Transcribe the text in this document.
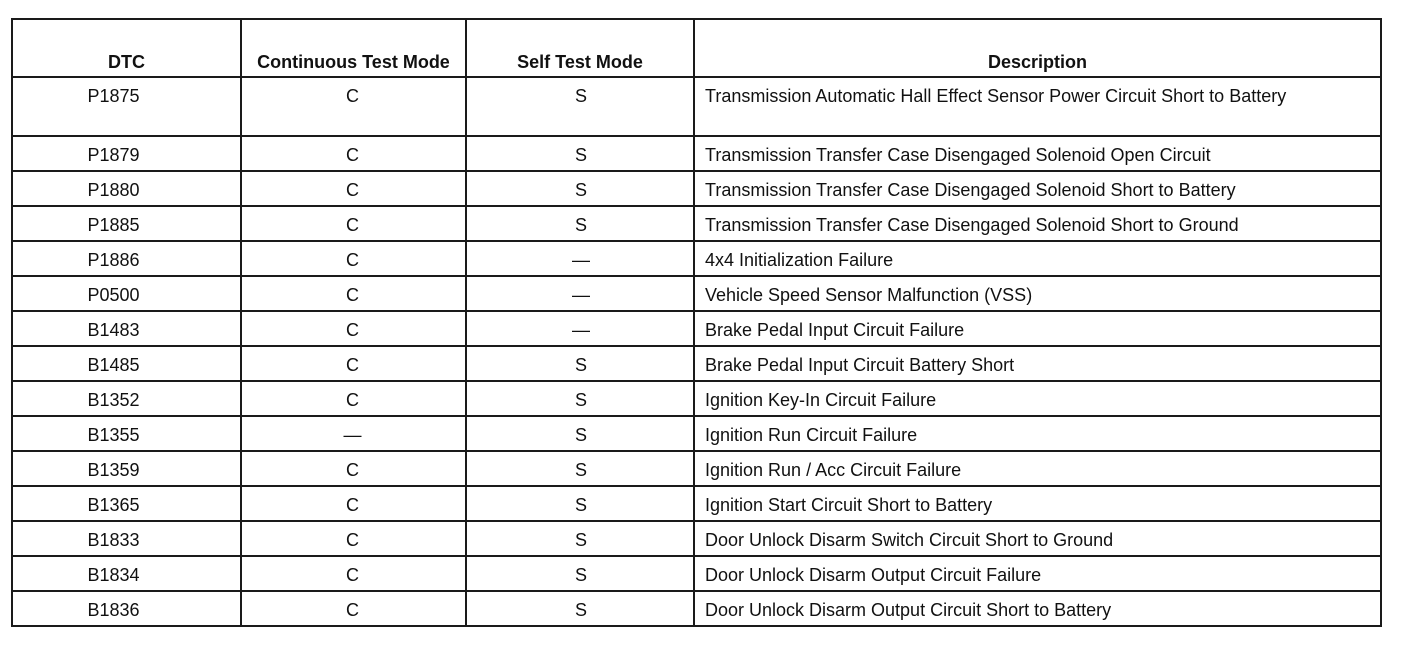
DTC	Continuous Test Mode	Self Test Mode	Description
P1875	C	S	Transmission Automatic Hall Effect Sensor Power Circuit Short to Battery
P1879	C	S	Transmission Transfer Case Disengaged Solenoid Open Circuit
P1880	C	S	Transmission Transfer Case Disengaged Solenoid Short to Battery
P1885	C	S	Transmission Transfer Case Disengaged Solenoid Short to Ground
P1886	C	—	4x4 Initialization Failure
P0500	C	—	Vehicle Speed Sensor Malfunction (VSS)
B1483	C	—	Brake Pedal Input Circuit Failure
B1485	C	S	Brake Pedal Input Circuit Battery Short
B1352	C	S	Ignition Key-In Circuit Failure
B1355	—	S	Ignition Run Circuit Failure
B1359	C	S	Ignition Run / Acc Circuit Failure
B1365	C	S	Ignition Start Circuit Short to Battery
B1833	C	S	Door Unlock Disarm Switch Circuit Short to Ground
B1834	C	S	Door Unlock Disarm Output Circuit Failure
B1836	C	S	Door Unlock Disarm Output Circuit Short to Battery
